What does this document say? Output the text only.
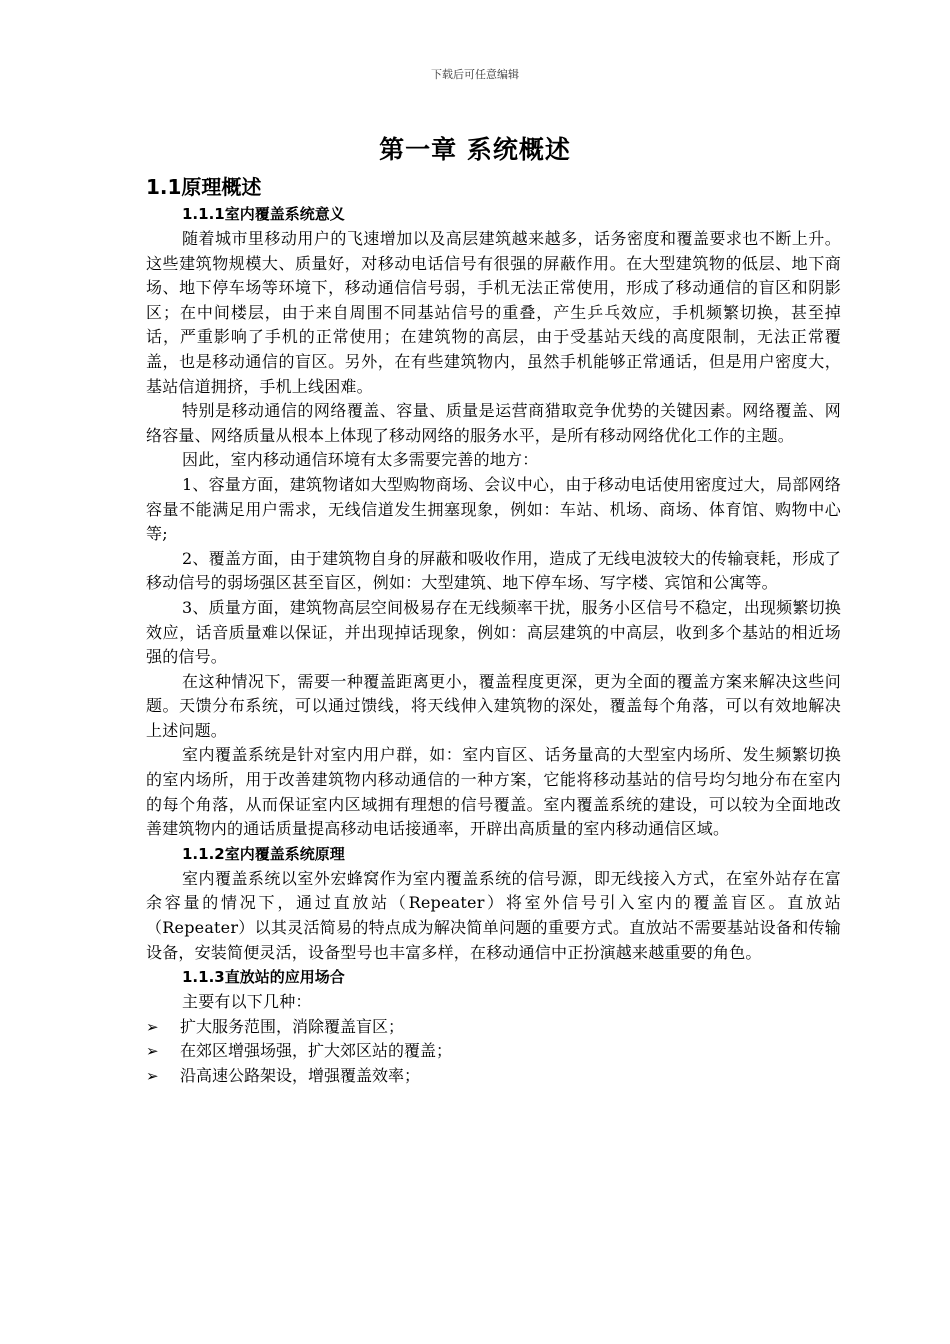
下载后可任意编辑
第一章 系统概述
1.1原理概述
1.1.1室内覆盖系统意义

随着城市里移动用户的飞速增加以及高层建筑越来越多，话务密度和覆盖要求也不断上升。这些建筑物规模大、质量好，对移动电话信号有很强的屏蔽作用。在大型建筑物的低层、地下商场、地下停车场等环境下，移动通信信号弱，手机无法正常使用，形成了移动通信的盲区和阴影区；在中间楼层，由于来自周围不同基站信号的重叠，产生乒乓效应，手机频繁切换，甚至掉话，严重影响了手机的正常使用；在建筑物的高层，由于受基站天线的高度限制，无法正常覆盖，也是移动通信的盲区。另外，在有些建筑物内，虽然手机能够正常通话，但是用户密度大，基站信道拥挤，手机上线困难。

特别是移动通信的网络覆盖、容量、质量是运营商猎取竞争优势的关键因素。网络覆盖、网络容量、网络质量从根本上体现了移动网络的服务水平，是所有移动网络优化工作的主题。

因此，室内移动通信环境有太多需要完善的地方：

1、容量方面，建筑物诸如大型购物商场、会议中心，由于移动电话使用密度过大，局部网络容量不能满足用户需求，无线信道发生拥塞现象，例如：车站、机场、商场、体育馆、购物中心等;

2、覆盖方面，由于建筑物自身的屏蔽和吸收作用，造成了无线电波较大的传输衰耗，形成了移动信号的弱场强区甚至盲区，例如：大型建筑、地下停车场、写字楼、宾馆和公寓等。

3、质量方面，建筑物高层空间极易存在无线频率干扰，服务小区信号不稳定，出现频繁切换效应，话音质量难以保证，并出现掉话现象，例如：高层建筑的中高层，收到多个基站的相近场强的信号。

在这种情况下，需要一种覆盖距离更小，覆盖程度更深，更为全面的覆盖方案来解决这些问题。天馈分布系统，可以通过馈线，将天线伸入建筑物的深处，覆盖每个角落，可以有效地解决上述问题。

室内覆盖系统是针对室内用户群，如：室内盲区、话务量高的大型室内场所、发生频繁切换的室内场所，用于改善建筑物内移动通信的一种方案，它能将移动基站的信号均匀地分布在室内的每个角落，从而保证室内区域拥有理想的信号覆盖。室内覆盖系统的建设，可以较为全面地改善建筑物内的通话质量提高移动电话接通率，开辟出高质量的室内移动通信区域。

1.1.2室内覆盖系统原理

室内覆盖系统以室外宏蜂窝作为室内覆盖系统的信号源，即无线接入方式，在室外站存在富余容量的情况下，通过直放站（Repeater）将室外信号引入室内的覆盖盲区。直放站（Repeater）以其灵活简易的特点成为解决简单问题的重要方式。直放站不需要基站设备和传输设备，安装简便灵活，设备型号也丰富多样，在移动通信中正扮演越来越重要的角色。

1.1.3直放站的应用场合

主要有以下几种：

➢ 扩大服务范围，消除覆盖盲区；
➢ 在郊区增强场强，扩大郊区站的覆盖；
➢ 沿高速公路架设，增强覆盖效率；
